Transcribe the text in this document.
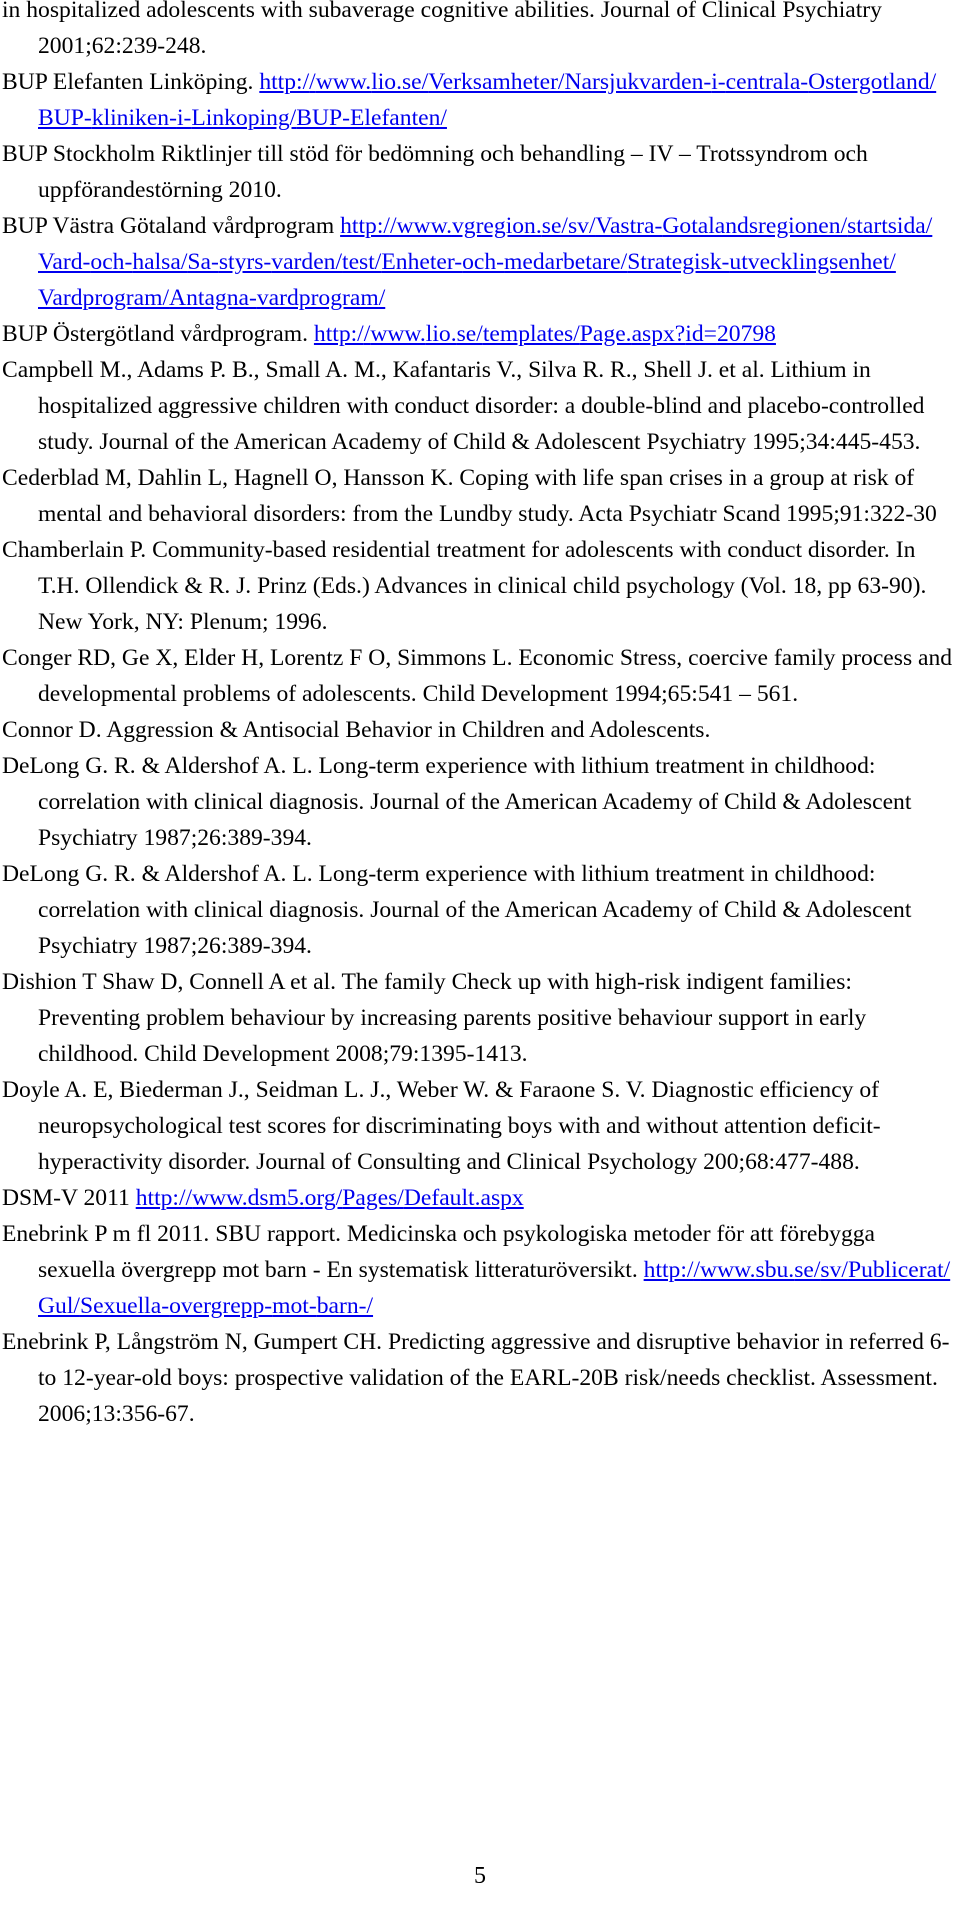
in hospitalized adolescents with subaverage cognitive abilities. Journal of Clinical Psychiatry 2001;62:239-248.

BUP Elefanten Linköping. http://www.lio.se/Verksamheter/Narsjukvarden-i-centrala-Ostergotland/BUP-kliniken-i-Linkoping/BUP-Elefanten/

BUP Stockholm Riktlinjer till stöd för bedömning och behandling – IV – Trotssyndrom och uppförandestörning 2010.

BUP Västra Götaland vårdprogram http://www.vgregion.se/sv/Vastra-Gotalandsregionen/startsida/Vard-och-halsa/Sa-styrs-varden/test/Enheter-och-medarbetare/Strategisk-utvecklingsenhet/Vardprogram/Antagna-vardprogram/

BUP Östergötland vårdprogram. http://www.lio.se/templates/Page.aspx?id=20798

Campbell M., Adams P. B., Small A. M., Kafantaris V., Silva R. R., Shell J. et al. Lithium in hospitalized aggressive children with conduct disorder: a double-blind and placebo-controlled study. Journal of the American Academy of Child & Adolescent Psychiatry 1995;34:445-453.

Cederblad M, Dahlin L, Hagnell O, Hansson K. Coping with life span crises in a group at risk of mental and behavioral disorders: from the Lundby study. Acta Psychiatr Scand 1995;91:322-30

Chamberlain P. Community-based residential treatment for adolescents with conduct disorder. In T.H. Ollendick & R. J. Prinz (Eds.) Advances in clinical child psychology (Vol. 18, pp 63-90). New York, NY: Plenum; 1996.

Conger RD, Ge X, Elder H, Lorentz F O, Simmons L. Economic Stress, coercive family process and developmental problems of adolescents. Child Development 1994;65:541 – 561.

Connor D. Aggression & Antisocial Behavior in Children and Adolescents.

DeLong G. R. & Aldershof A. L. Long-term experience with lithium treatment in childhood: correlation with clinical diagnosis. Journal of the American Academy of Child & Adolescent Psychiatry 1987;26:389-394.

DeLong G. R. & Aldershof A. L. Long-term experience with lithium treatment in childhood: correlation with clinical diagnosis. Journal of the American Academy of Child & Adolescent Psychiatry 1987;26:389-394.

Dishion T Shaw D, Connell A et al. The family Check up with high-risk indigent families: Preventing problem behaviour by increasing parents positive behaviour support in early childhood. Child Development 2008;79:1395-1413.

Doyle A. E, Biederman J., Seidman L. J., Weber W. & Faraone S. V. Diagnostic efficiency of neuropsychological test scores for discriminating boys with and without attention deficit-hyperactivity disorder. Journal of Consulting and Clinical Psychology 200;68:477-488.

DSM-V 2011 http://www.dsm5.org/Pages/Default.aspx

Enebrink P m fl 2011. SBU rapport. Medicinska och psykologiska metoder för att förebygga sexuella övergrepp mot barn - En systematisk litteraturöversikt. http://www.sbu.se/sv/Publicerat/Gul/Sexuella-overgrepp-mot-barn-/

Enebrink P, Långström N, Gumpert CH. Predicting aggressive and disruptive behavior in referred 6- to 12-year-old boys: prospective validation of the EARL-20B risk/needs checklist. Assessment. 2006;13:356-67.

5
